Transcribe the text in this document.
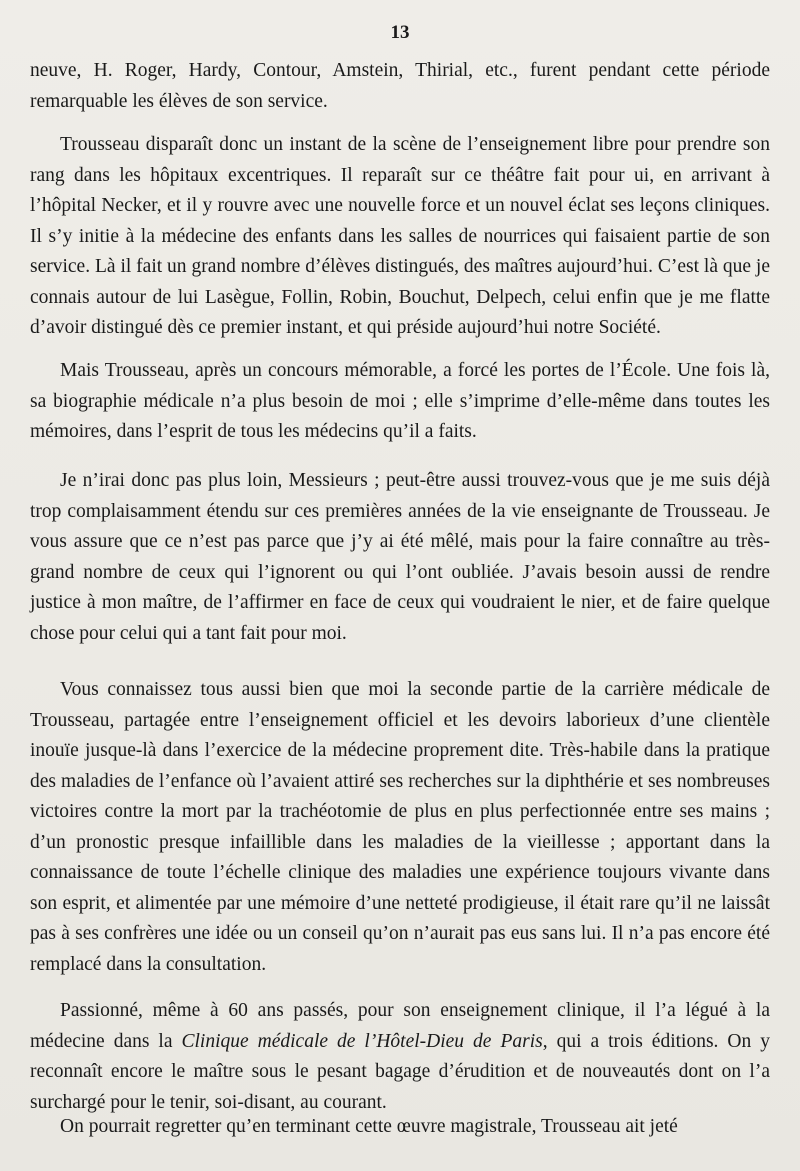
13

neuve, H. Roger, Hardy, Contour, Amstein, Thirial, etc., furent pendant cette période remarquable les élèves de son service.

Trousseau disparaît donc un instant de la scène de l’enseignement libre pour prendre son rang dans les hôpitaux excentriques. Il reparaît sur ce théâtre fait pour ui, en arrivant à l’hôpital Necker, et il y rouvre avec une nouvelle force et un nouvel éclat ses leçons cliniques. Il s’y initie à la médecine des enfants dans les salles de nourrices qui faisaient partie de son service. Là il fait un grand nombre d’élèves distingués, des maîtres aujourd’hui. C’est là que je connais autour de lui Lasègue, Follin, Robin, Bouchut, Delpech, celui enfin que je me flatte d’avoir distingué dès ce premier instant, et qui préside aujourd’hui notre Société.

Mais Trousseau, après un concours mémorable, a forcé les portes de l’École. Une fois là, sa biographie médicale n’a plus besoin de moi ; elle s’imprime d’elle-même dans toutes les mémoires, dans l’esprit de tous les médecins qu’il a faits.

Je n’irai donc pas plus loin, Messieurs ; peut-être aussi trouvez-vous que je me suis déjà trop complaisamment étendu sur ces premières années de la vie enseignante de Trousseau. Je vous assure que ce n’est pas parce que j’y ai été mêlé, mais pour la faire connaître au très-grand nombre de ceux qui l’ignorent ou qui l’ont oubliée. J’avais besoin aussi de rendre justice à mon maître, de l’affirmer en face de ceux qui voudraient le nier, et de faire quelque chose pour celui qui a tant fait pour moi.

Vous connaissez tous aussi bien que moi la seconde partie de la carrière médicale de Trousseau, partagée entre l’enseignement officiel et les devoirs laborieux d’une clientèle inouïe jusque-là dans l’exercice de la médecine proprement dite. Très-habile dans la pratique des maladies de l’enfance où l’avaient attiré ses recherches sur la diphthérie et ses nombreuses victoires contre la mort par la trachéotomie de plus en plus perfectionnée entre ses mains ; d’un pronostic presque infaillible dans les maladies de la vieillesse ; apportant dans la connaissance de toute l’échelle clinique des maladies une expérience toujours vivante dans son esprit, et alimentée par une mémoire d’une netteté prodigieuse, il était rare qu’il ne laissât pas à ses confrères une idée ou un conseil qu’on n’aurait pas eus sans lui. Il n’a pas encore été remplacé dans la consultation.

Passionné, même à 60 ans passés, pour son enseignement clinique, il l’a légué à la médecine dans la Clinique médicale de l’Hôtel-Dieu de Paris, qui a trois éditions. On y reconnaît encore le maître sous le pesant bagage d’érudition et de nouveautés dont on l’a surchargé pour le tenir, soi-disant, au courant.

On pourrait regretter qu’en terminant cette œuvre magistrale, Trousseau ait jeté
